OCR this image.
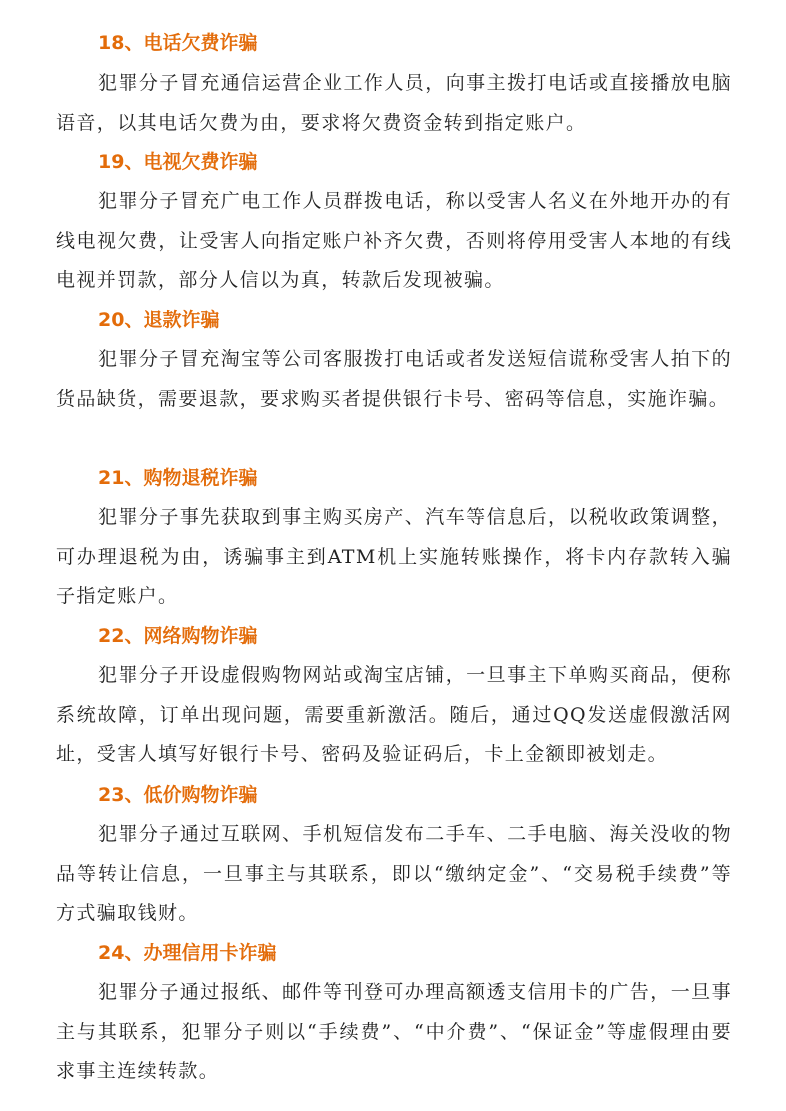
18、电话欠费诈骗

犯罪分子冒充通信运营企业工作人员，向事主拨打电话或直接播放电脑语音，以其电话欠费为由，要求将欠费资金转到指定账户。

19、电视欠费诈骗

犯罪分子冒充广电工作人员群拨电话，称以受害人名义在外地开办的有线电视欠费，让受害人向指定账户补齐欠费，否则将停用受害人本地的有线电视并罚款，部分人信以为真，转款后发现被骗。

20、退款诈骗

犯罪分子冒充淘宝等公司客服拨打电话或者发送短信谎称受害人拍下的货品缺货，需要退款，要求购买者提供银行卡号、密码等信息，实施诈骗。

21、购物退税诈骗

犯罪分子事先获取到事主购买房产、汽车等信息后，以税收政策调整，可办理退税为由，诱骗事主到ATM机上实施转账操作，将卡内存款转入骗子指定账户。

22、网络购物诈骗

犯罪分子开设虚假购物网站或淘宝店铺，一旦事主下单购买商品，便称系统故障，订单出现问题，需要重新激活。随后，通过QQ发送虚假激活网址，受害人填写好银行卡号、密码及验证码后，卡上金额即被划走。

23、低价购物诈骗

犯罪分子通过互联网、手机短信发布二手车、二手电脑、海关没收的物品等转让信息，一旦事主与其联系，即以“缴纳定金”、“交易税手续费”等方式骗取钱财。

24、办理信用卡诈骗

犯罪分子通过报纸、邮件等刊登可办理高额透支信用卡的广告，一旦事主与其联系，犯罪分子则以“手续费”、“中介费”、“保证金”等虚假理由要求事主连续转款。
